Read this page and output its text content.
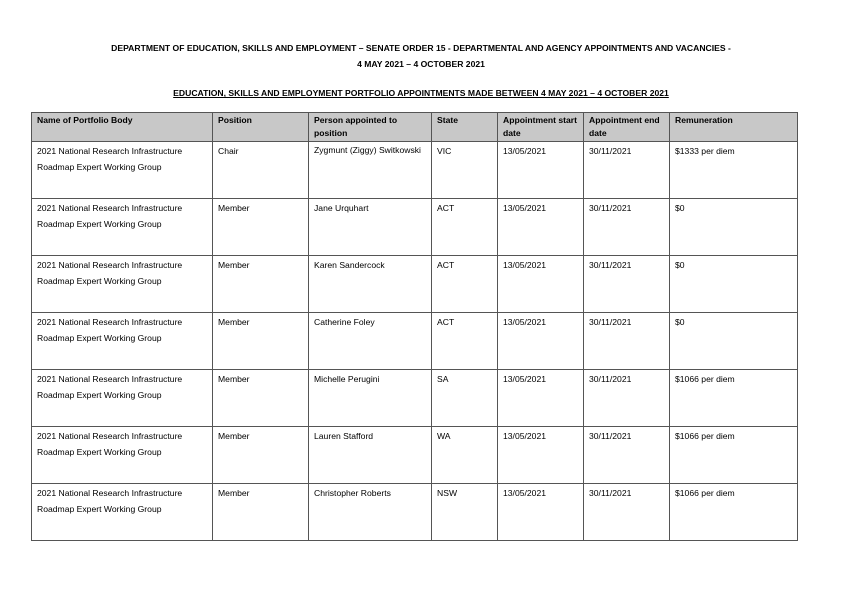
DEPARTMENT OF EDUCATION, SKILLS AND EMPLOYMENT – SENATE ORDER 15 - DEPARTMENTAL AND AGENCY APPOINTMENTS AND VACANCIES -
4 MAY 2021 – 4 OCTOBER 2021
EDUCATION, SKILLS AND EMPLOYMENT PORTFOLIO APPOINTMENTS MADE BETWEEN 4 MAY 2021 – 4 OCTOBER 2021
Name of Portfolio Body	Position	Person appointed to position	State	Appointment start date	Appointment end date	Remuneration
2021 National Research Infrastructure Roadmap Expert Working Group	Chair	Zygmunt (Ziggy) Switkowski	VIC	13/05/2021	30/11/2021	$1333 per diem
2021 National Research Infrastructure Roadmap Expert Working Group	Member	Jane Urquhart	ACT	13/05/2021	30/11/2021	$0
2021 National Research Infrastructure Roadmap Expert Working Group	Member	Karen Sandercock	ACT	13/05/2021	30/11/2021	$0
2021 National Research Infrastructure Roadmap Expert Working Group	Member	Catherine Foley	ACT	13/05/2021	30/11/2021	$0
2021 National Research Infrastructure Roadmap Expert Working Group	Member	Michelle Perugini	SA	13/05/2021	30/11/2021	$1066 per diem
2021 National Research Infrastructure Roadmap Expert Working Group	Member	Lauren Stafford	WA	13/05/2021	30/11/2021	$1066 per diem
2021 National Research Infrastructure Roadmap Expert Working Group	Member	Christopher Roberts	NSW	13/05/2021	30/11/2021	$1066 per diem
